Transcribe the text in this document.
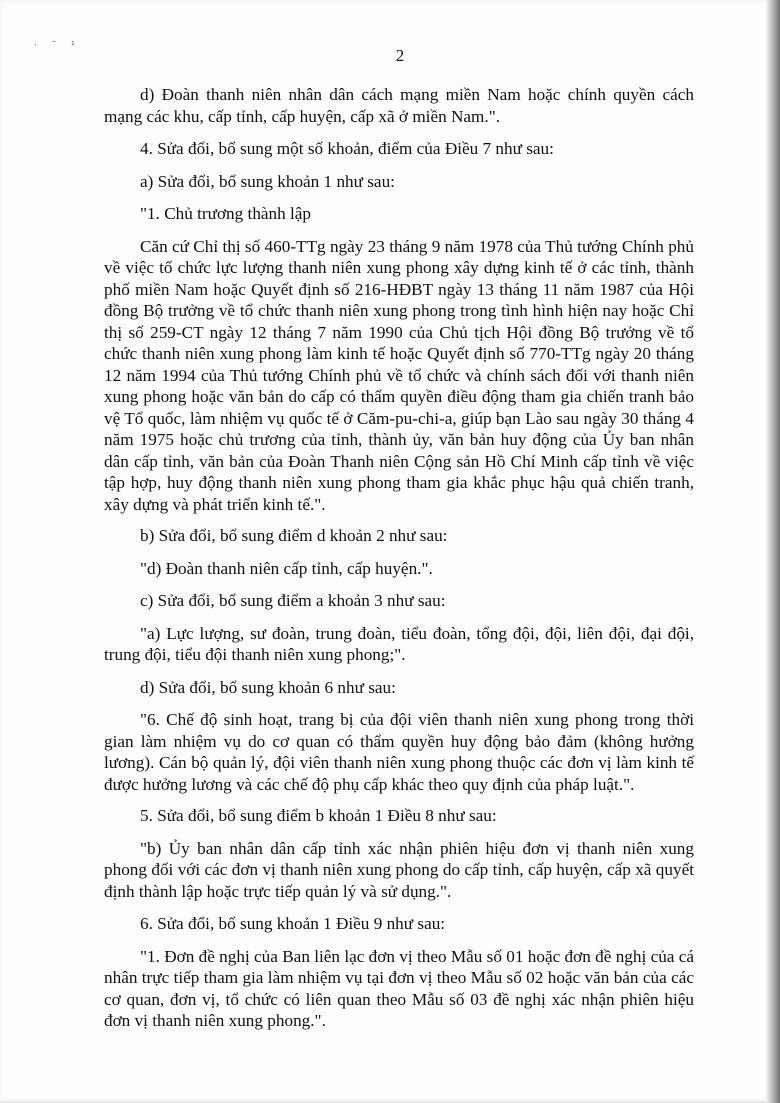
· ˜ ¹	2

d) Đoàn thanh niên nhân dân cách mạng miền Nam hoặc chính quyền cách mạng các khu, cấp tỉnh, cấp huyện, cấp xã ở miền Nam.".

4. Sửa đổi, bổ sung một số khoản, điểm của Điều 7 như sau:

a) Sửa đổi, bổ sung khoản 1 như sau:

"1. Chủ trương thành lập

Căn cứ Chỉ thị số 460-TTg ngày 23 tháng 9 năm 1978 của Thủ tướng Chính phủ về việc tổ chức lực lượng thanh niên xung phong xây dựng kinh tế ở các tỉnh, thành phố miền Nam hoặc Quyết định số 216-HĐBT ngày 13 tháng 11 năm 1987 của Hội đồng Bộ trưởng về tổ chức thanh niên xung phong trong tình hình hiện nay hoặc Chỉ thị số 259-CT ngày 12 tháng 7 năm 1990 của Chủ tịch Hội đồng Bộ trưởng về tổ chức thanh niên xung phong làm kinh tế hoặc Quyết định số 770-TTg ngày 20 tháng 12 năm 1994 của Thủ tướng Chính phủ về tổ chức và chính sách đối với thanh niên xung phong hoặc văn bản do cấp có thẩm quyền điều động tham gia chiến tranh bảo vệ Tổ quốc, làm nhiệm vụ quốc tế ở Căm-pu-chi-a, giúp bạn Lào sau ngày 30 tháng 4 năm 1975 hoặc chủ trương của tỉnh, thành ủy, văn bản huy động của Ủy ban nhân dân cấp tỉnh, văn bản của Đoàn Thanh niên Cộng sản Hồ Chí Minh cấp tỉnh về việc tập hợp, huy động thanh niên xung phong tham gia khắc phục hậu quả chiến tranh, xây dựng và phát triển kinh tế.".

b) Sửa đổi, bổ sung điểm d khoản 2 như sau:

"d) Đoàn thanh niên cấp tỉnh, cấp huyện.".

c) Sửa đổi, bổ sung điểm a khoản 3 như sau:

"a) Lực lượng, sư đoàn, trung đoàn, tiểu đoàn, tổng đội, đội, liên đội, đại đội, trung đội, tiểu đội thanh niên xung phong;".

d) Sửa đổi, bổ sung khoản 6 như sau:

"6. Chế độ sinh hoạt, trang bị của đội viên thanh niên xung phong trong thời gian làm nhiệm vụ do cơ quan có thẩm quyền huy động bảo đảm (không hưởng lương). Cán bộ quản lý, đội viên thanh niên xung phong thuộc các đơn vị làm kinh tế được hưởng lương và các chế độ phụ cấp khác theo quy định của pháp luật.".

5. Sửa đổi, bổ sung điểm b khoản 1 Điều 8 như sau:

"b) Ủy ban nhân dân cấp tỉnh xác nhận phiên hiệu đơn vị thanh niên xung phong đối với các đơn vị thanh niên xung phong do cấp tỉnh, cấp huyện, cấp xã quyết định thành lập hoặc trực tiếp quản lý và sử dụng.".

6. Sửa đổi, bổ sung khoản 1 Điều 9 như sau:

"1. Đơn đề nghị của Ban liên lạc đơn vị theo Mẫu số 01 hoặc đơn đề nghị của cá nhân trực tiếp tham gia làm nhiệm vụ tại đơn vị theo Mẫu số 02 hoặc văn bản của các cơ quan, đơn vị, tổ chức có liên quan theo Mẫu số 03 đề nghị xác nhận phiên hiệu đơn vị thanh niên xung phong.".
